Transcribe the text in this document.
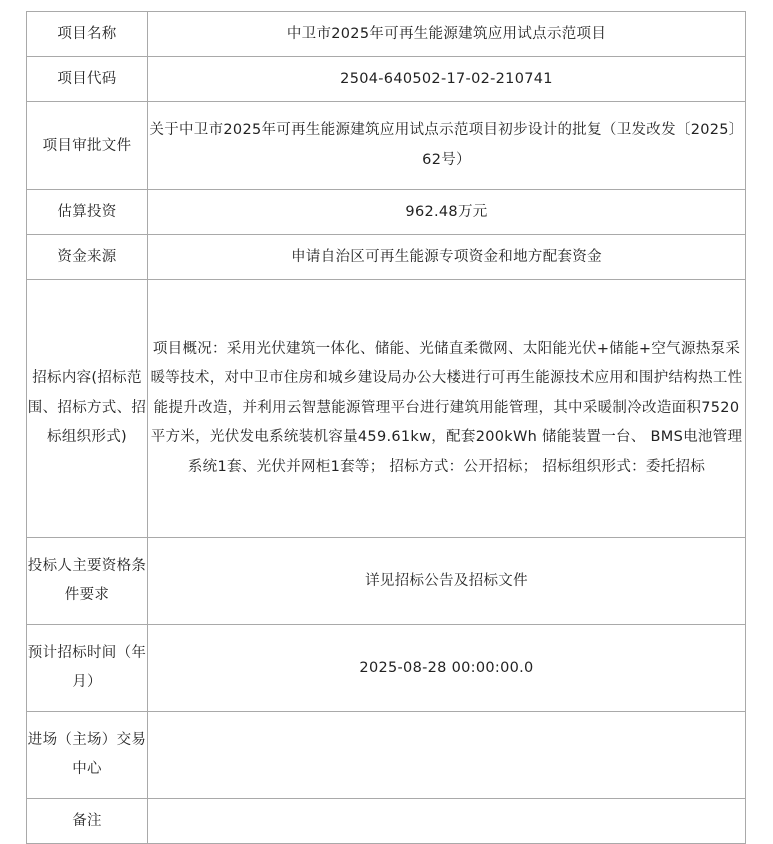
项目名称	中卫市2025年可再生能源建筑应用试点示范项目
项目代码	2504-640502-17-02-210741
项目审批文件	关于中卫市2025年可再生能源建筑应用试点示范项目初步设计的批复（卫发改发〔2025〕62号）
估算投资	962.48万元
资金来源	申请自治区可再生能源专项资金和地方配套资金
招标内容(招标范围、招标方式、招标组织形式)	项目概况：采用光伏建筑一体化、储能、光储直柔微网、太阳能光伏+储能+空气源热泵采暖等技术，对中卫市住房和城乡建设局办公大楼进行可再生能源技术应用和围护结构热工性能提升改造，并利用云智慧能源管理平台进行建筑用能管理，其中采暖制冷改造面积7520平方米，光伏发电系统装机容量459.61kw，配套200kWh 储能装置一台、 BMS电池管理系统1套、光伏并网柜1套等； 招标方式：公开招标； 招标组织形式：委托招标
投标人主要资格条件要求	详见招标公告及招标文件
预计招标时间（年 月）	2025-08-28 00:00:00.0
进场（主场）交易中心	
备注	
